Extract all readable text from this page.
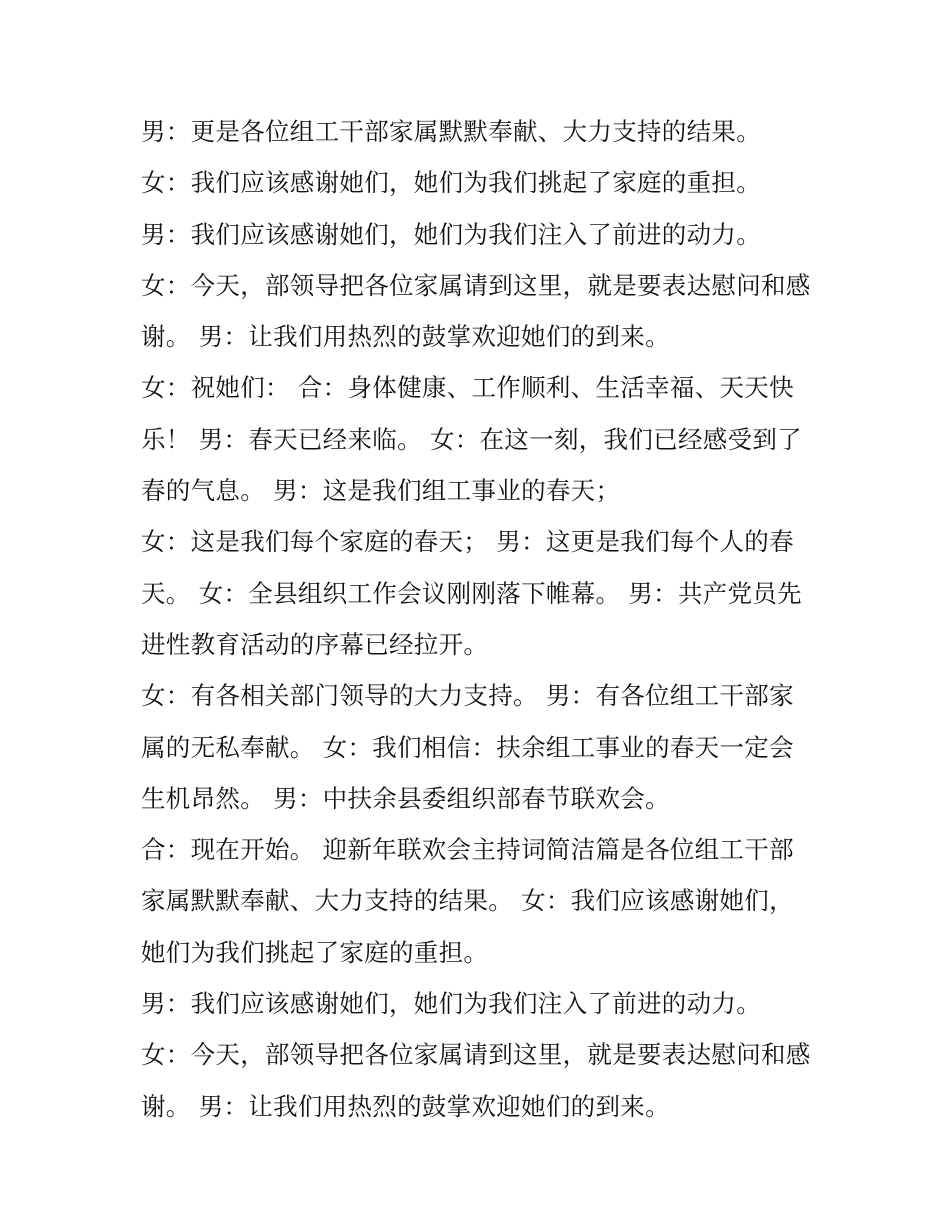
男：更是各位组工干部家属默默奉献、大力支持的结果。
女：我们应该感谢她们，她们为我们挑起了家庭的重担。
男：我们应该感谢她们，她们为我们注入了前进的动力。
女：今天，部领导把各位家属请到这里，就是要表达慰问和感
谢。 男：让我们用热烈的鼓掌欢迎她们的到来。
女：祝她们： 合：身体健康、工作顺利、生活幸福、天天快
乐！ 男：春天已经来临。 女：在这一刻，我们已经感受到了
春的气息。 男：这是我们组工事业的春天；
女：这是我们每个家庭的春天； 男：这更是我们每个人的春
天。 女：全县组织工作会议刚刚落下帷幕。 男：共产党员先
进性教育活动的序幕已经拉开。
女：有各相关部门领导的大力支持。 男：有各位组工干部家
属的无私奉献。 女：我们相信：扶余组工事业的春天一定会
生机昂然。 男：中扶余县委组织部春节联欢会。
合：现在开始。 迎新年联欢会主持词简洁篇是各位组工干部
家属默默奉献、大力支持的结果。 女：我们应该感谢她们，
她们为我们挑起了家庭的重担。
男：我们应该感谢她们，她们为我们注入了前进的动力。
女：今天，部领导把各位家属请到这里，就是要表达慰问和感
谢。 男：让我们用热烈的鼓掌欢迎她们的到来。
